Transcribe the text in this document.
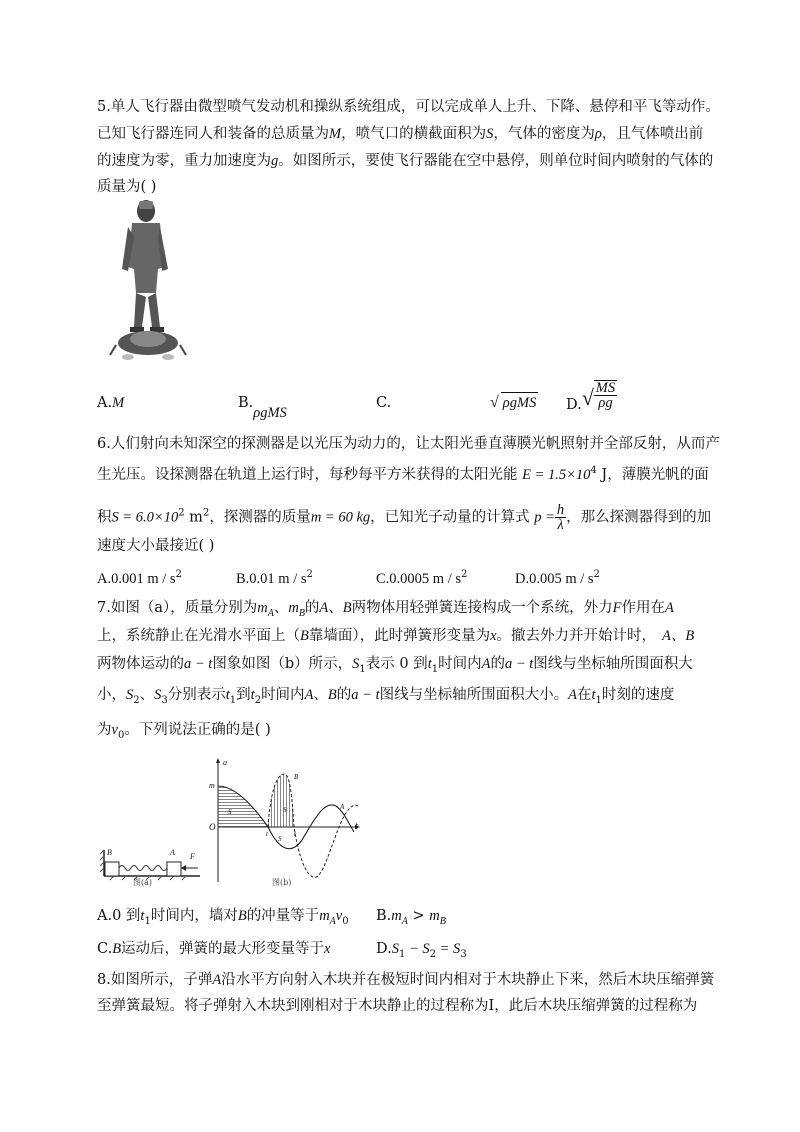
5.单人飞行器由微型喷气发动机和操纵系统组成，可以完成单人上升、下降、悬停和平飞等动作。
已知飞行器连同人和装备的总质量为M，喷气口的横截面积为S，气体的密度为ρ，且气体喷出前
的速度为零，重力加速度为g。如图所示，要使飞行器能在空中悬停，则单位时间内喷射的气体的
质量为( )
A.M	B.ρgMS
C.	√ ρgMS $D.√ \frac{MS}{\rho g}$
6.人们射向未知深空的探测器是以光压为动力的，让太阳光垂直薄膜光帆照射并全部反射，从而产
生光压。设探测器在轨道上运行时，每秒每平方米获得的太阳光能 $E = 1.5\times 10^4$ J，薄膜光帆的面
积$S = 6.0\times 10^2$ $m^2$，探测器的质量m = 60 kg，已知光子动量的计算式 $p = \frac{h}{\lambda}$ ，那么探测器得到的加
速度大小最接近( )
A.0.001 m / $s^2$	B.0.01 m / $s^2$	C.0.0005 m / $s^2$	D.0.005 m / $s^2$
7.如图（a），质量分别为$m_A$、$m_B$的A、B两物体用轻弹簧连接构成一个系统，外力F作用在A
上，系统静止在光滑水平面上（B靠墙面），此时弹簧形变量为x。撤去外力并开始计时， A、B
两物体运动的a − t图象如图（b）所示，$S_1$表示 0 到$t_1$时间内A的a − t图线与坐标轴所围面积大
小，$S_2$、$S_3$分别表示$t_1$到$t_2$时间内A、B的a − t图线与坐标轴所围面积大小。A在$t_1$时刻的速度
为$v_0$。下列说法正确的是( )
B	A F
图(a)
a
m
O	t
S	S
S
t	t
A
B
图(b)
A.0 到$t_1$时间内，墙对B的冲量等于$m_Av_0$ $B.m_A > m_B$
C.B运动后，弹簧的最大形变量等于x	$D.S_1 - S_2 = S_3$
8.如图所示，子弹A沿水平方向射入木块并在极短时间内相对于木块静止下来，然后木块压缩弹簧
至弹簧最短。将子弹射入木块到刚相对于木块静止的过程称为Ⅰ，此后木块压缩弹簧的过程称为
